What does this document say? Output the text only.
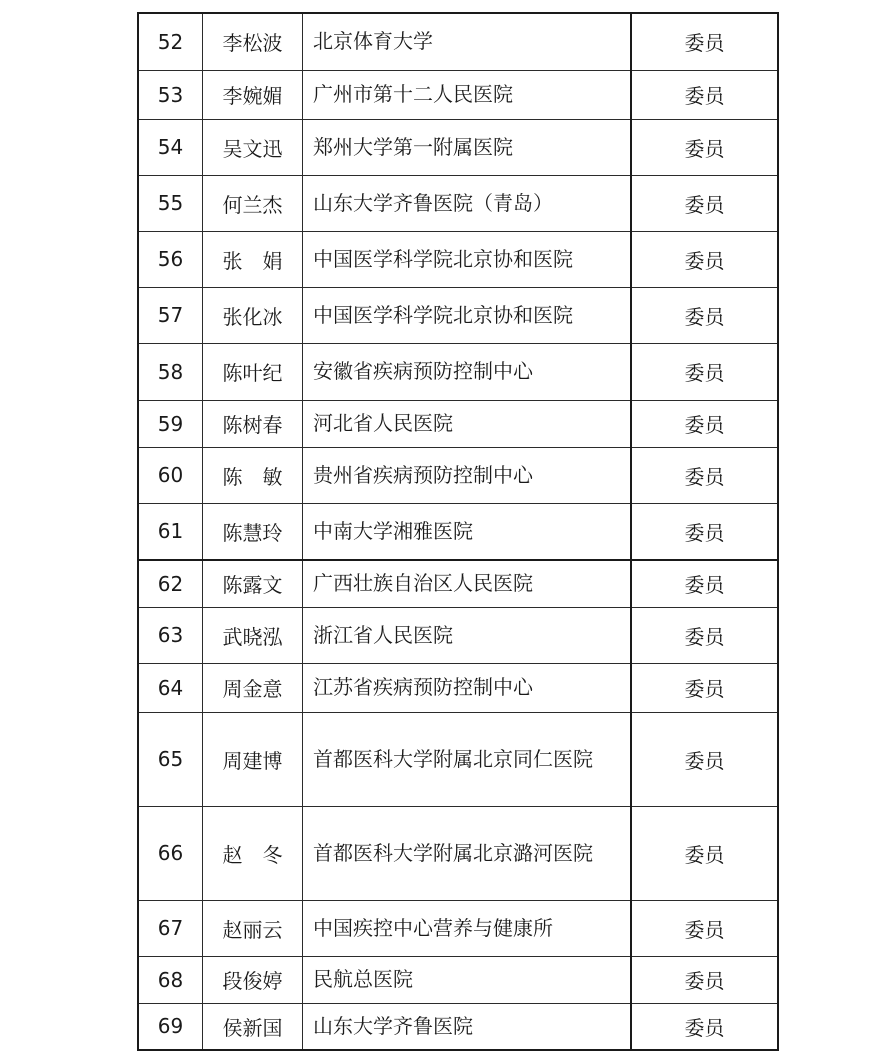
52	李松波	北京体育大学	委员
53	李婉媚	广州市第十二人民医院	委员
54	吴文迅	郑州大学第一附属医院	委员
55	何兰杰	山东大学齐鲁医院（青岛）	委员
56	张　娟	中国医学科学院北京协和医院	委员
57	张化冰	中国医学科学院北京协和医院	委员
58	陈叶纪	安徽省疾病预防控制中心	委员
59	陈树春	河北省人民医院	委员
60	陈　敏	贵州省疾病预防控制中心	委员
61	陈慧玲	中南大学湘雅医院	委员
62	陈露文	广西壮族自治区人民医院	委员
63	武晓泓	浙江省人民医院	委员
64	周金意	江苏省疾病预防控制中心	委员
65	周建博	首都医科大学附属北京同仁医院	委员
66	赵　冬	首都医科大学附属北京潞河医院	委员
67	赵丽云	中国疾控中心营养与健康所	委员
68	段俊婷	民航总医院	委员
69	侯新国	山东大学齐鲁医院	委员
